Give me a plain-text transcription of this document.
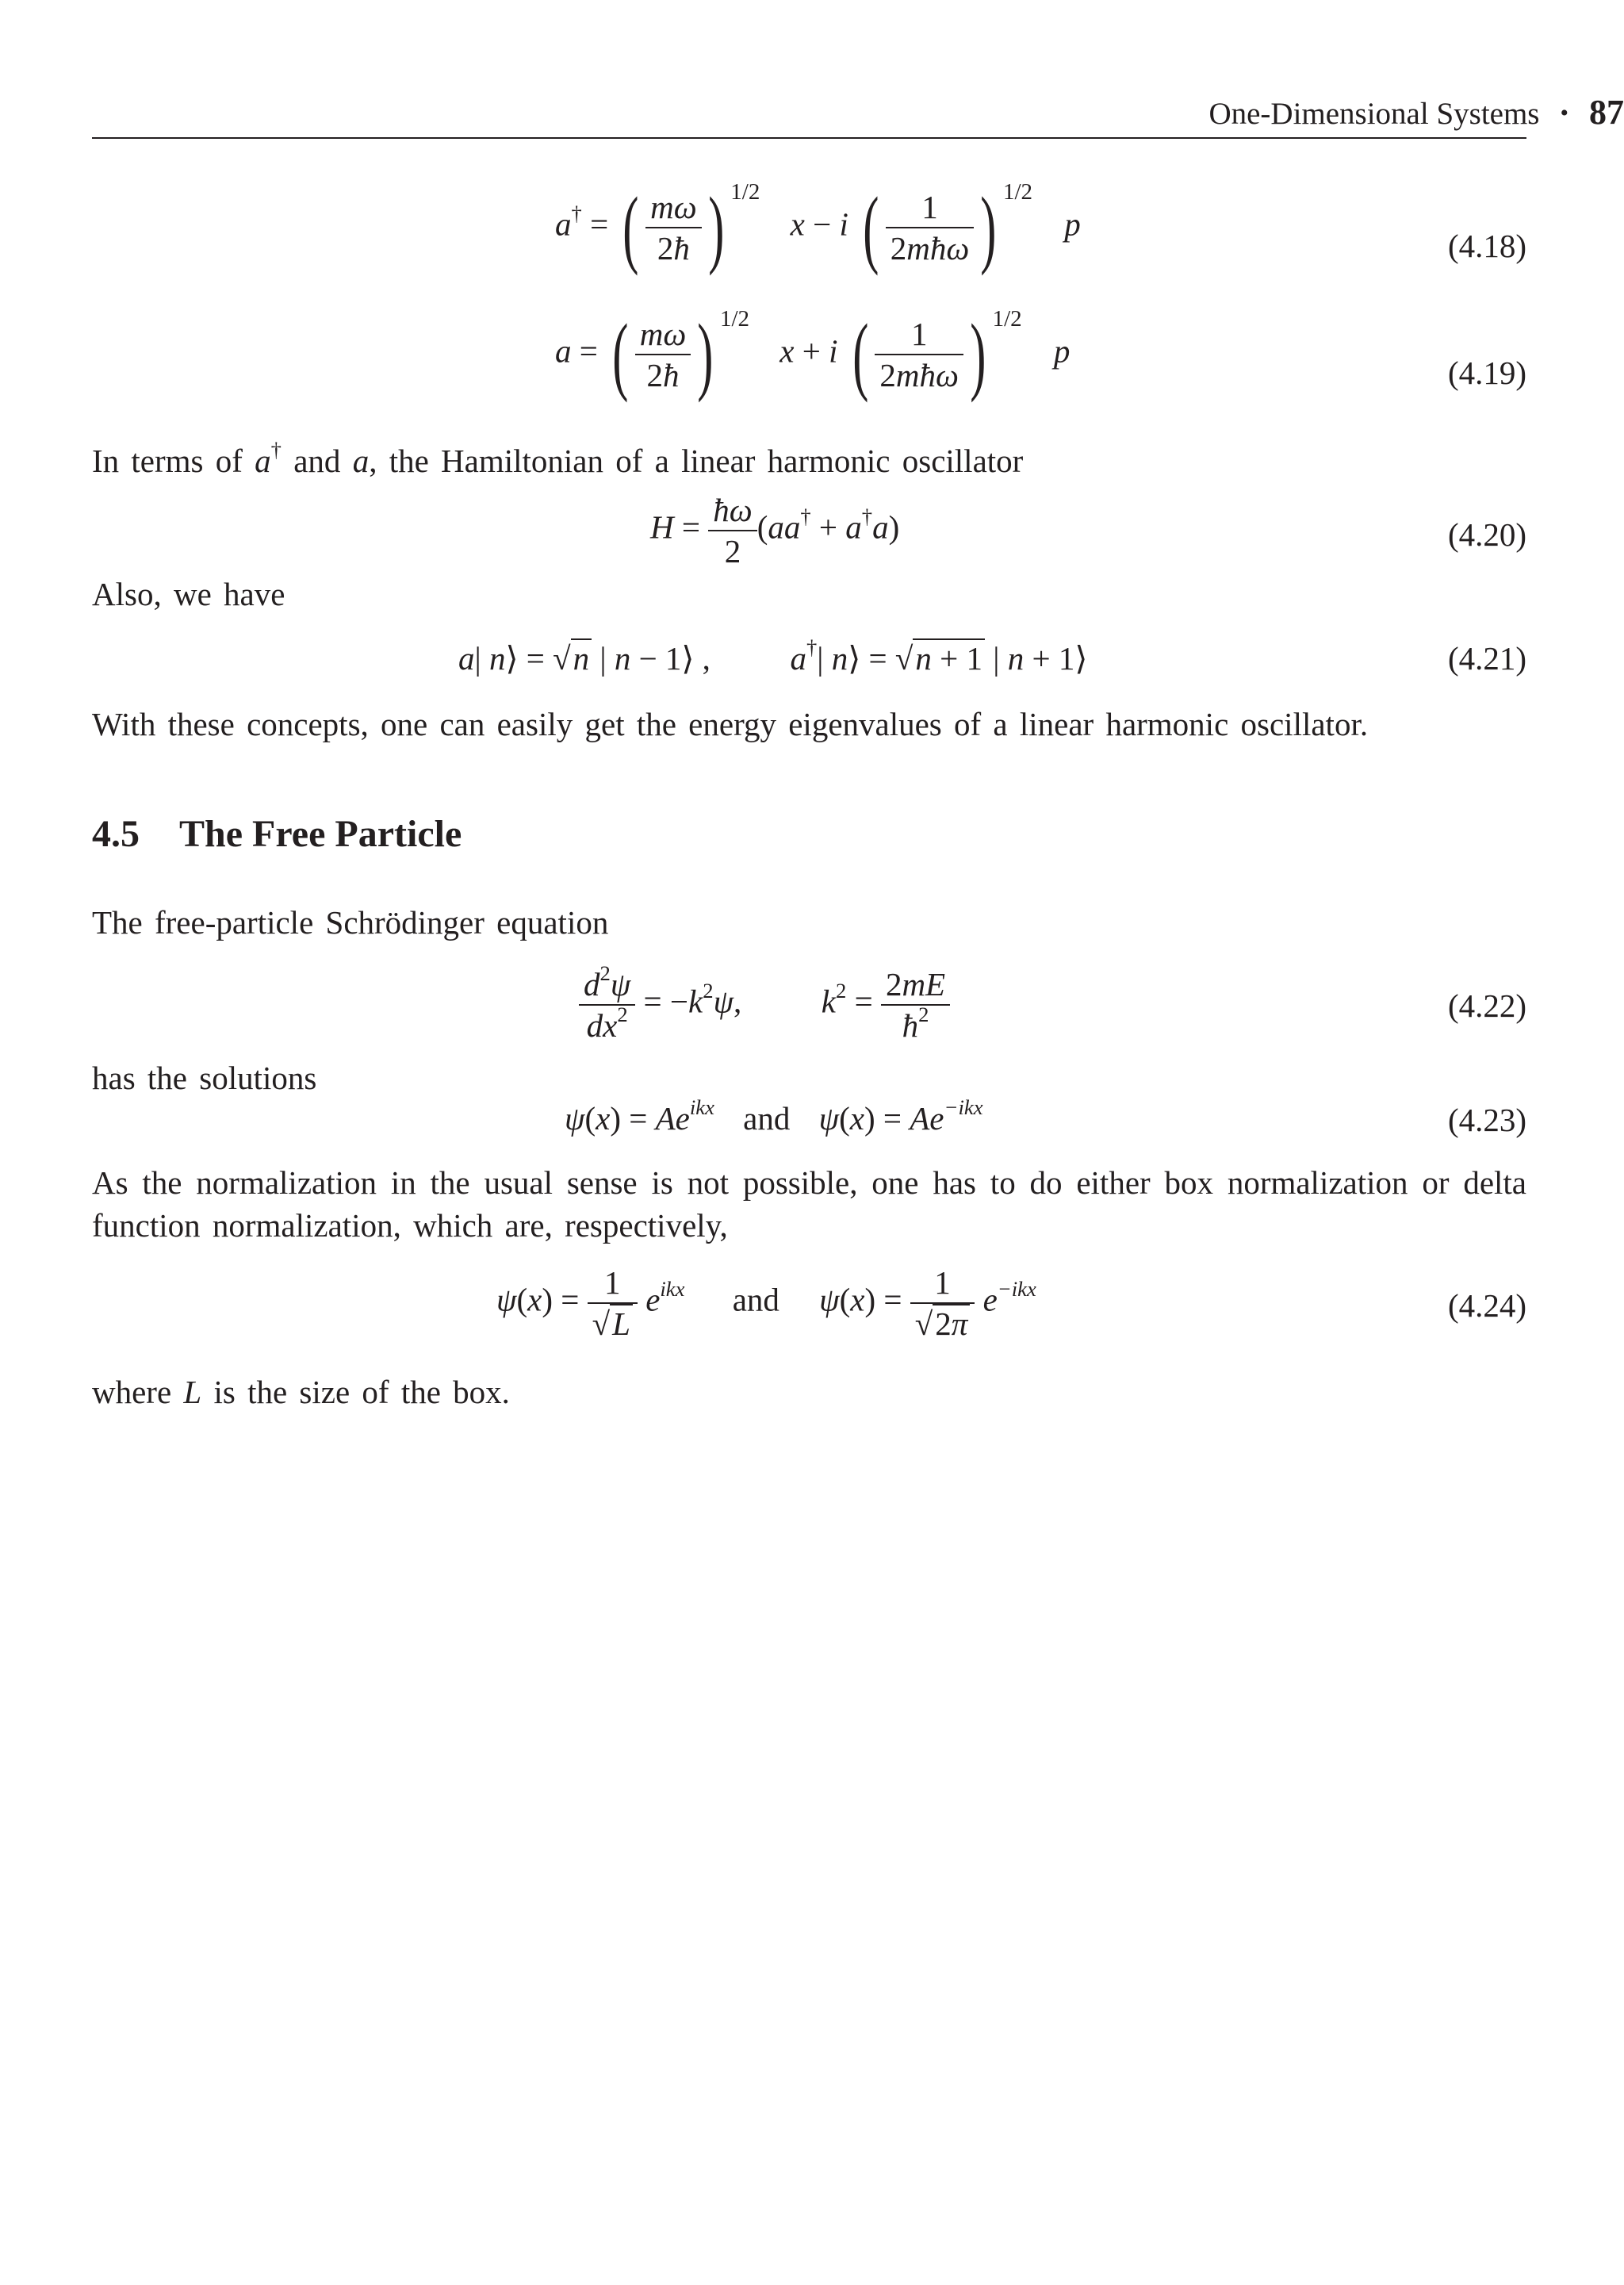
One-Dimensional Systems • 87
a† = ( $\frac{m\omega}{2ħ}$ ) 1/2 x − i ( $\frac{1}{\text{2mħω}}$ ) 1/2 p
(4.18)
a = ( $\frac{m\omega}{2ħ}$ ) 1/2 x + i ( $\frac{1}{\text{2mħω}}$ ) 1/2 p
(4.19)
In terms of a† and a, the Hamiltonian of a linear harmonic oscillator
$H = \frac{ħ\omega}{2} (aa^\dagger + a^\dagger a)$	(4.20)
Also, we have
a| n⟩ = √n | n − 1⟩ ,  a†| n⟩ = √n + 1 | n + 1⟩	(4.21)
With these concepts, one can easily get the energy eigenvalues of a linear harmonic oscillator.
4.5 The Free Particle
The free-particle Schrödinger equation
$\frac{d^2\psi}{dx^2} = -k^2\psi$,  $k^2 = \frac{2mE}{ħ^2}$	(4.22)
has the solutions
$\psi(x) = Ae^{ikx}$ and $\psi(x) = Ae^{-ikx}$	(4.23)
As the normalization in the usual sense is not possible, one has to do either box normalization or delta function normalization, which are, respectively,
$\psi(x) = \frac{1}{√L} e^{ikx}$ and $\psi(x) = \frac{1}{√2\pi} e^{-ikx}$	(4.24)
where L is the size of the box.
